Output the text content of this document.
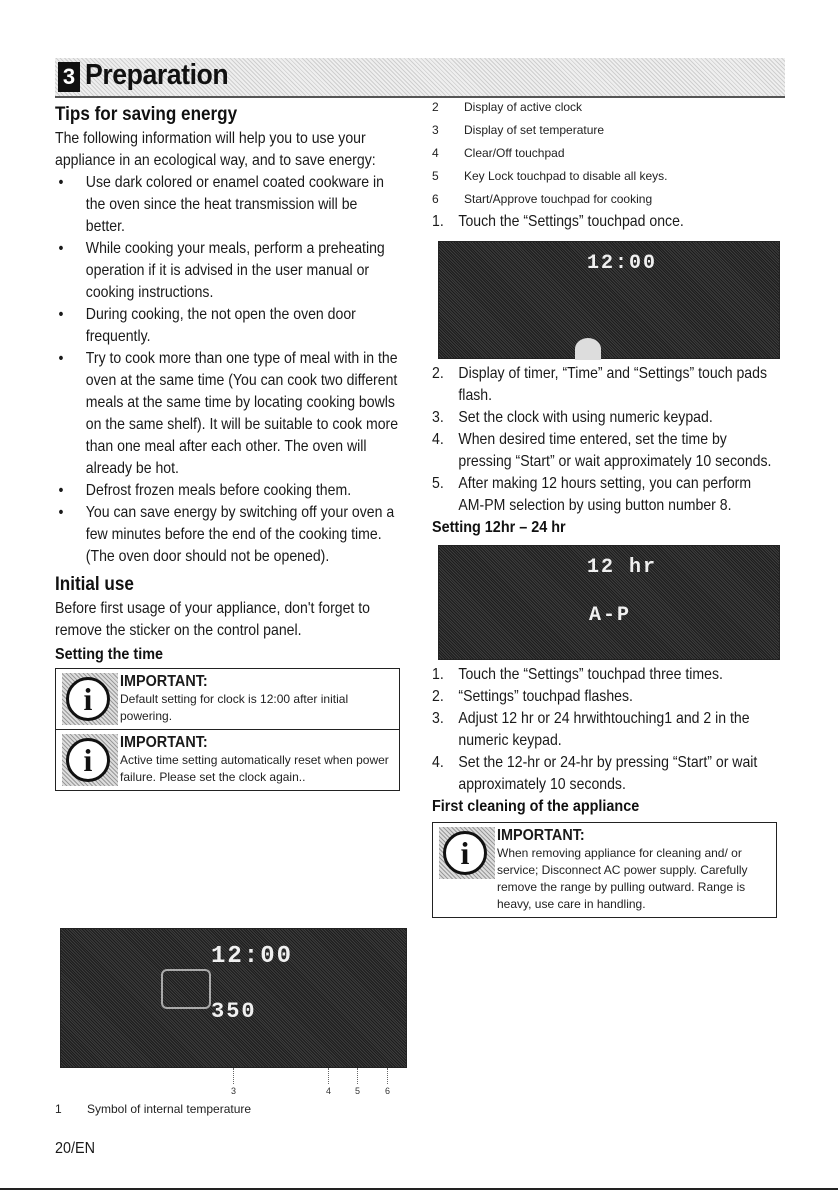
3 Preparation
Tips for saving energy

The following information will help you to use your appliance in an ecological way, and to save energy:

• Use dark colored or enamel coated cookware in the oven since the heat transmission will be better.
• While cooking your meals, perform a preheating operation if it is advised in the user manual or cooking instructions.
• During cooking, the not open the oven door frequently.
• Try to cook more than one type of meal with in the oven at the same time (You can cook two different meals at the same time by locating cooking bowls on the same shelf). It will be suitable to cook more than one meal after each other. The oven will already be hot.
• Defrost frozen meals before cooking them.
• You can save energy by switching off your oven a few minutes before the end of the cooking time. (The oven door should not be opened).
Initial use

Before first usage of your appliance, don't forget to remove the sticker on the control panel.

Setting the time
i	IMPORTANT:
Default setting for clock is 12:00 after initial powering.
i	IMPORTANT:
Active time setting automatically reset when power failure. Please set the clock again..
12:00
350
3	4	5	6
1 Symbol of internal temperature
2 Display of active clock
3 Display of set temperature
4 Clear/Off touchpad
5 Key Lock touchpad to disable all keys.
6 Start/Approve touchpad for cooking
1. Touch the “Settings” touchpad once.
12:00
2. Display of timer, “Time” and “Settings” touch pads flash.
3. Set the clock with using numeric keypad.
4. When desired time entered, set the time by pressing “Start” or wait approximately 10 seconds.
5. After making 12 hours setting, you can perform AM-PM selection by using button number 8.
Setting 12hr – 24 hr
12 hr
A-P
1. Touch the “Settings” touchpad three times.
2. “Settings” touchpad flashes.
3. Adjust 12 hr or 24 hrwithtouching1 and 2 in the numeric keypad.
4. Set the 12-hr or 24-hr by pressing “Start” or wait approximately 10 seconds.
First cleaning of the appliance
i	IMPORTANT:
When removing appliance for cleaning and/ or service; Disconnect AC power supply. Carefully remove the range by pulling outward. Range is heavy, use care in handling.
20/EN
